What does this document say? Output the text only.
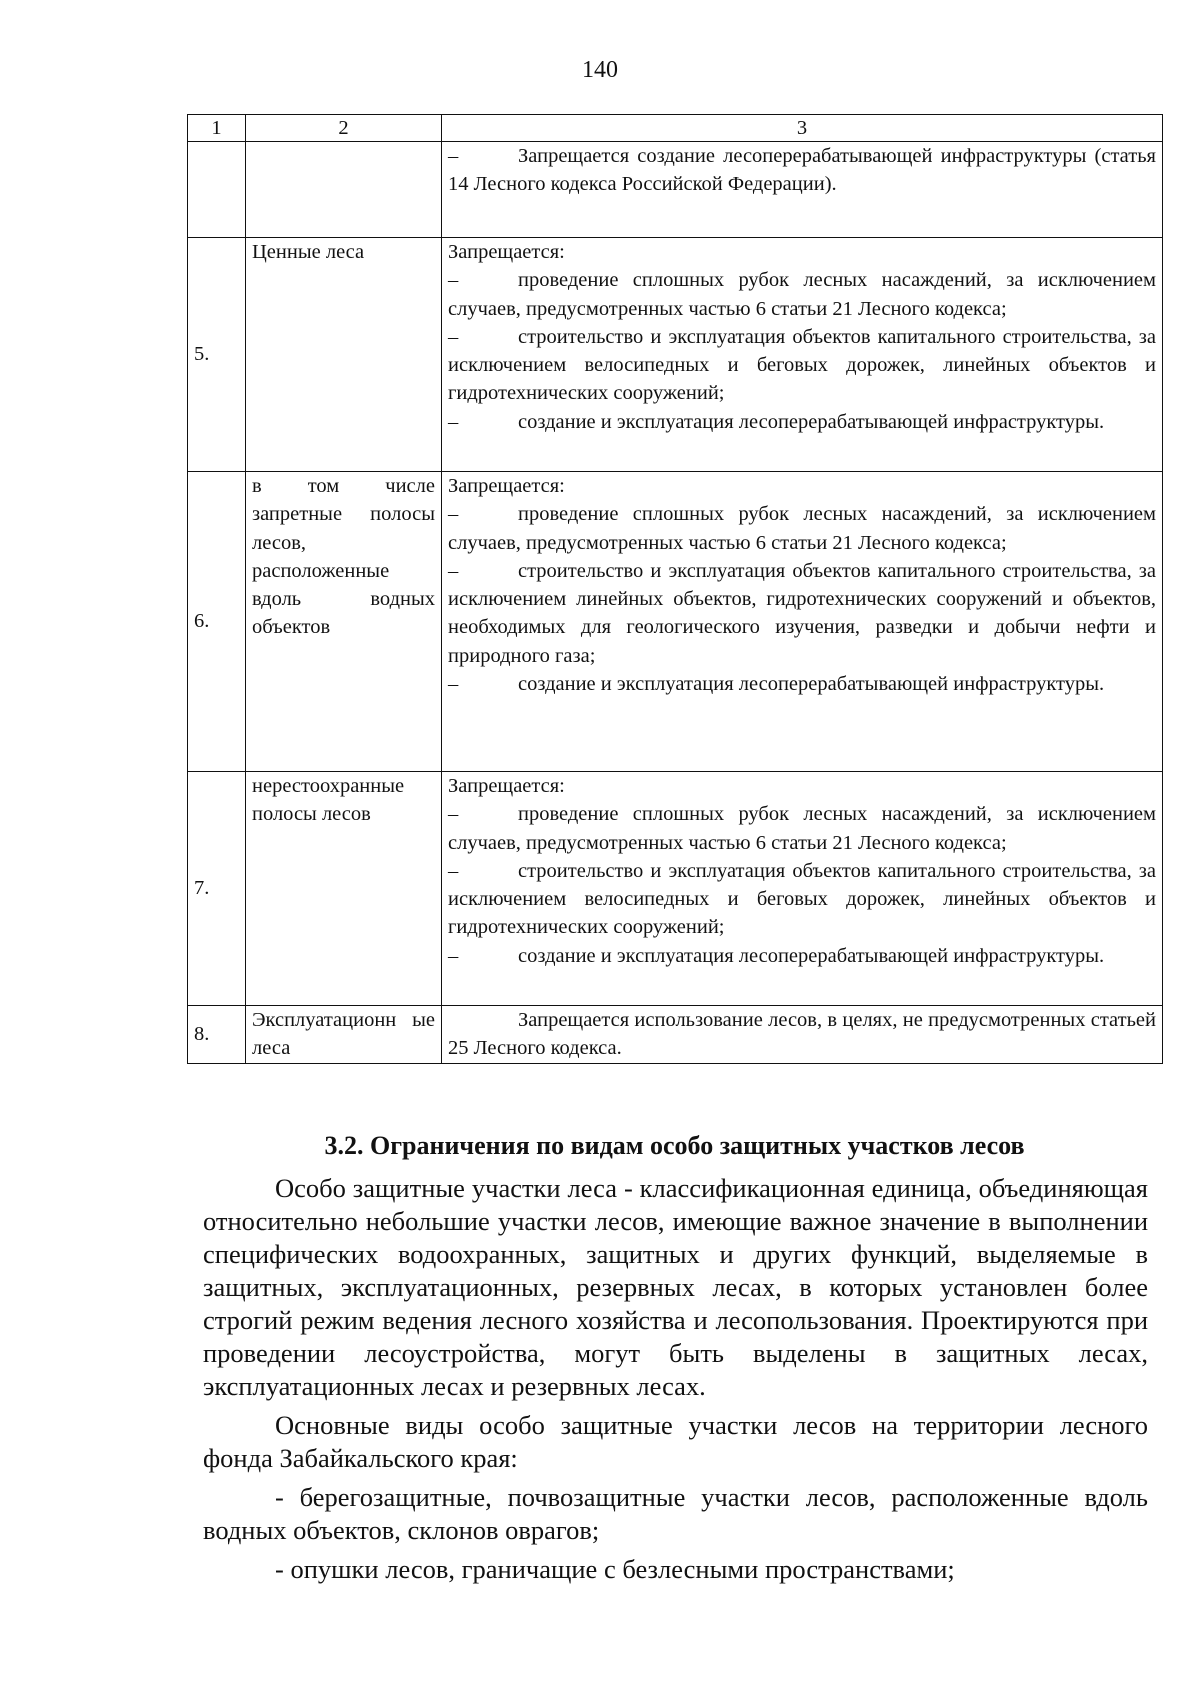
140
1	2	3

		– Запрещается создание лесоперерабатывающей инфраструктуры (статья 14 Лесного кодекса Российской Федерации).

5.	Ценные леса	Запрещается:
– проведение сплошных рубок лесных насаждений, за исключением случаев, предусмотренных частью 6 статьи 21 Лесного кодекса;
– строительство и эксплуатация объектов капитального строительства, за исключением велосипедных и беговых дорожек, линейных объектов и гидротехнических сооружений;
– создание и эксплуатация лесоперерабатывающей инфраструктуры.

6.	в том числе запретные полосы лесов, расположенные вдоль водных объектов	Запрещается:
– проведение сплошных рубок лесных насаждений, за исключением случаев, предусмотренных частью 6 статьи 21 Лесного кодекса;
– строительство и эксплуатация объектов капитального строительства, за исключением линейных объектов, гидротехнических сооружений и объектов, необходимых для геологического изучения, разведки и добычи нефти и природного газа;
– создание и эксплуатация лесоперерабатывающей инфраструктуры.

7.	нерестоохранные полосы лесов	Запрещается:
– проведение сплошных рубок лесных насаждений, за исключением случаев, предусмотренных частью 6 статьи 21 Лесного кодекса;
– строительство и эксплуатация объектов капитального строительства, за исключением велосипедных и беговых дорожек, линейных объектов и гидротехнических сооружений;
– создание и эксплуатация лесоперерабатывающей инфраструктуры.

8.	Эксплуатационн ые леса	Запрещается использование лесов, в целях, не предусмотренных статьей 25 Лесного кодекса.
3.2. Ограничения по видам особо защитных участков лесов

Особо защитные участки леса - классификационная единица, объединяющая относительно небольшие участки лесов, имеющие важное значение в выполнении специфических водоохранных, защитных и других функций, выделяемые в защитных, эксплуатационных, резервных лесах, в которых установлен более строгий режим ведения лесного хозяйства и лесопользования. Проектируются при проведении лесоустройства, могут быть выделены в защитных лесах, эксплуатационных лесах и резервных лесах.

Основные виды особо защитные участки лесов на территории лесного фонда Забайкальского края:

- берегозащитные, почвозащитные участки лесов, расположенные вдоль водных объектов, склонов оврагов;

- опушки лесов, граничащие с безлесными пространствами;
